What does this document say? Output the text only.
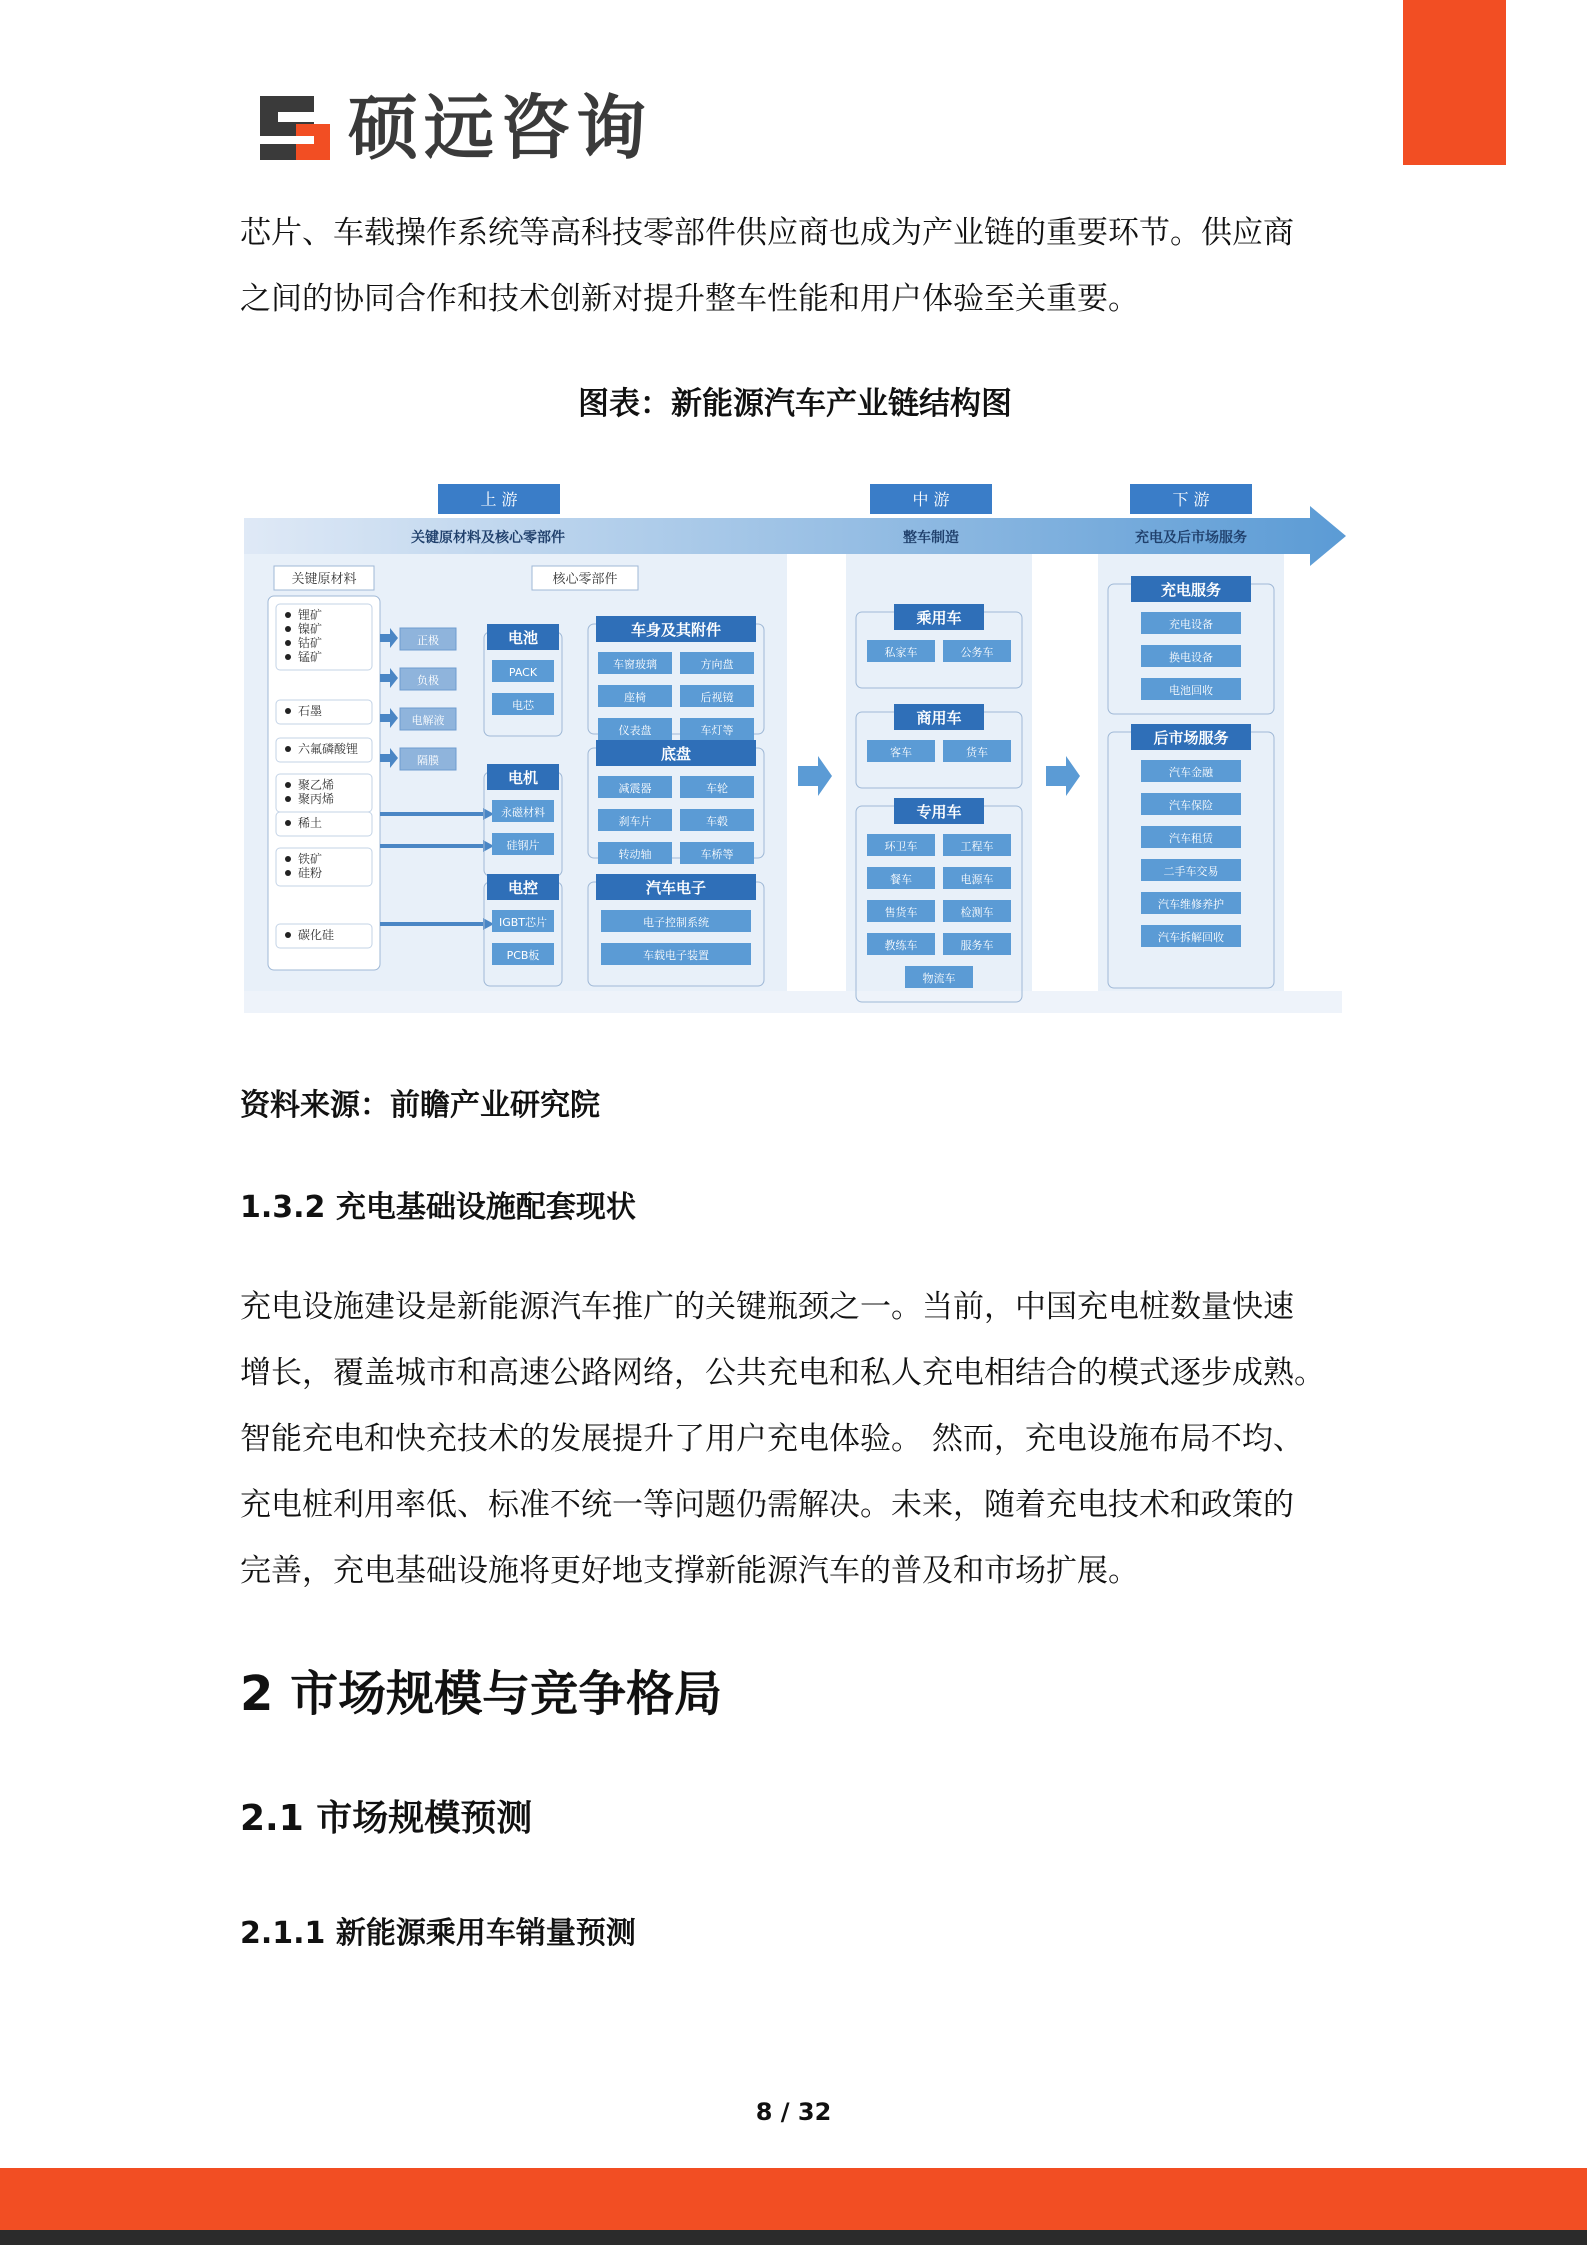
硕远咨询

芯片、车载操作系统等高科技零部件供应商也成为产业链的重要环节。供应商
之间的协同合作和技术创新对提升整车性能和用户体验至关重要。

图表：新能源汽车产业链结构图
上 游	中 游	下 游
关键原材料及核心零部件	整车制造	充电及后市场服务
关键原材料	核心零部件
锂矿
镍矿
钴矿
锰矿
石墨
六氟磷酸锂
聚乙烯
聚丙烯
稀土
铁矿
硅粉
碳化硅
正极
负极
电解液
隔膜
电池
PACK
电芯
电机
永磁材料
硅钢片
电控
IGBT芯片
PCB板
车身及其附件
车窗玻璃	方向盘
座椅	后视镜
仪表盘	车灯等
底盘
减震器	车轮
刹车片	车毂
转动轴	车桥等
汽车电子
电子控制系统
车载电子装置
乘用车
私家车	公务车
商用车
客车	货车
专用车
环卫车	工程车
餐车	电源车
售货车	检测车
教练车	服务车
物流车
充电服务
充电设备
换电设备
电池回收
后市场服务
汽车金融
汽车保险
汽车租赁
二手车交易
汽车维修养护
汽车拆解回收
资料来源：前瞻产业研究院
1.3.2 充电基础设施配套现状

充电设施建设是新能源汽车推广的关键瓶颈之一。当前，中国充电桩数量快速
增长，覆盖城市和高速公路网络，公共充电和私人充电相结合的模式逐步成熟。
智能充电和快充技术的发展提升了用户充电体验。 然而，充电设施布局不均、
充电桩利用率低、标准不统一等问题仍需解决。未来，随着充电技术和政策的
完善，充电基础设施将更好地支撑新能源汽车的普及和市场扩展。

2 市场规模与竞争格局
2.1 市场规模预测
2.1.1 新能源乘用车销量预测
8 / 32
